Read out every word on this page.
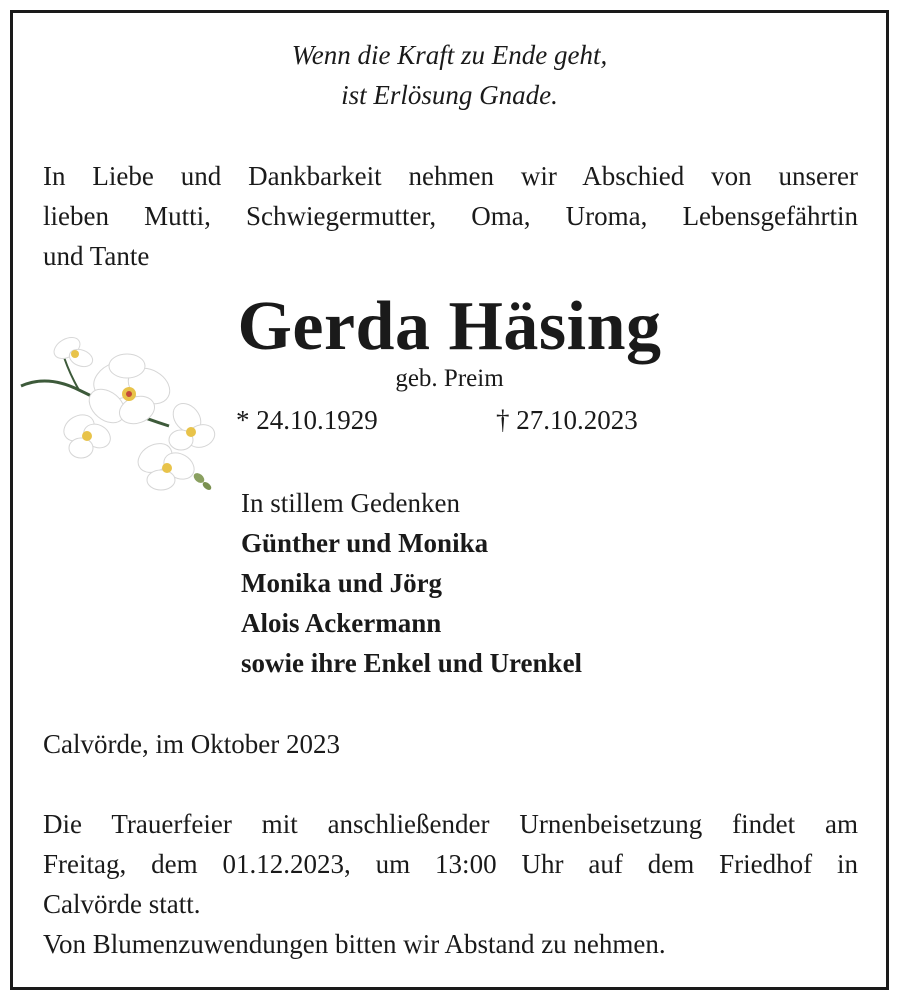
Wenn die Kraft zu Ende geht,
ist Erlösung Gnade.
In Liebe und Dankbarkeit nehmen wir Abschied von unserer
lieben Mutti, Schwiegermutter, Oma, Uroma, Lebensgefährtin
und Tante
Gerda Häsing
geb. Preim
* 24.10.1929	† 27.10.2023
In stillem Gedenken
Günther und Monika
Monika und Jörg
Alois Ackermann
sowie ihre Enkel und Urenkel
Calvörde, im Oktober 2023
Die Trauerfeier mit anschließender Urnenbeisetzung findet am
Freitag, dem 01.12.2023, um 13:00 Uhr auf dem Friedhof in
Calvörde statt.
Von Blumenzuwendungen bitten wir Abstand zu nehmen.
